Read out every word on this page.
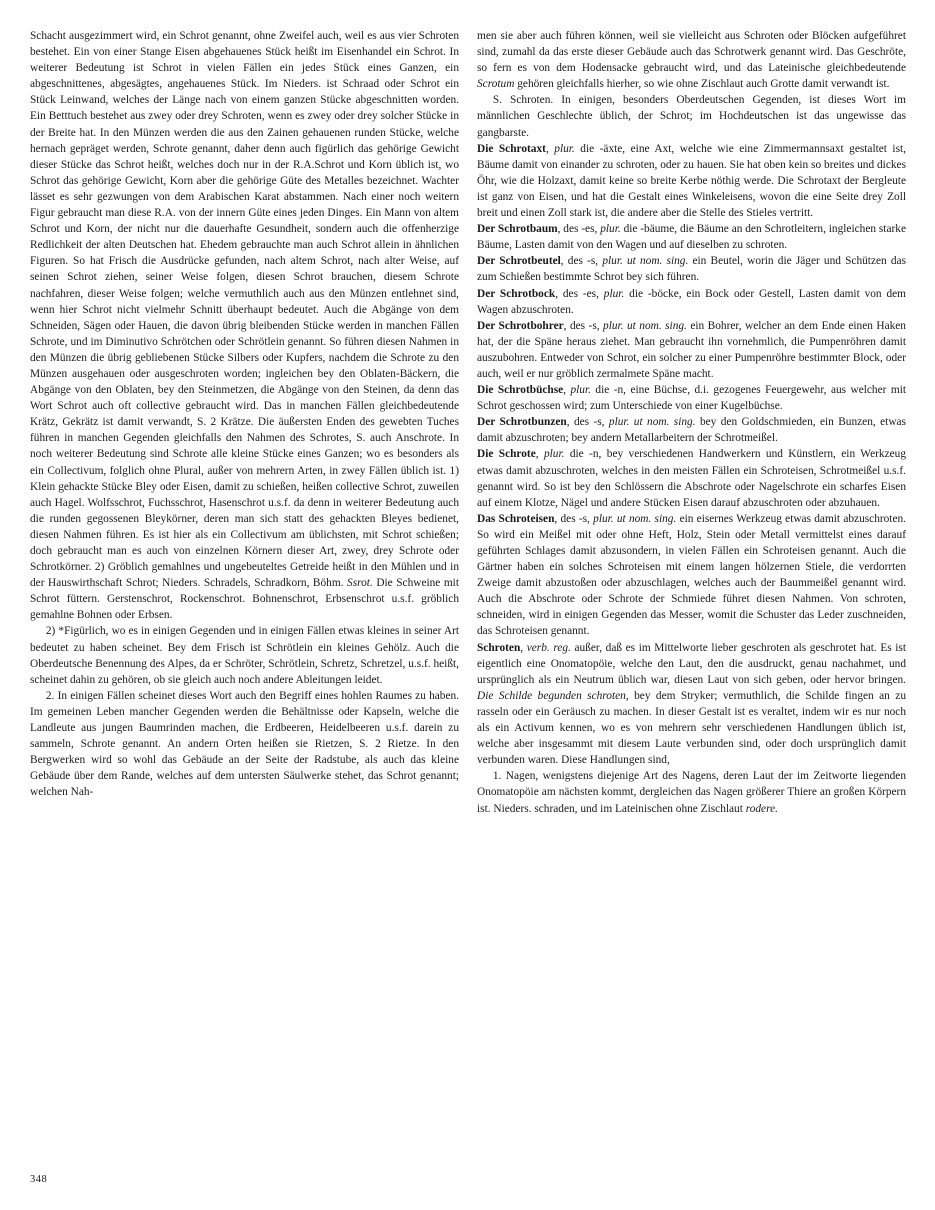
Schacht ausgezimmert wird, ein Schrot genannt, ohne Zweifel auch, weil es aus vier Schroten bestehet. Ein von einer Stange Eisen abgehauenes Stück heißt im Eisenhandel ein Schrot. In weiterer Bedeutung ist Schrot in vielen Fällen ein jedes Stück eines Ganzen, ein abgeschnittenes, abgesägtes, angehauenes Stück. Im Nieders. ist Schraad oder Schrot ein Stück Leinwand, welches der Länge nach von einem ganzen Stücke abgeschnitten worden. Ein Betttuch bestehet aus zwey oder drey Schroten, wenn es zwey oder drey solcher Stücke in der Breite hat. In den Münzen werden die aus den Zainen gehauenen runden Stücke, welche hernach gepräget werden, Schrote genannt, daher denn auch figürlich das gehörige Gewicht dieser Stücke das Schrot heißt, welches doch nur in der R.A.Schrot und Korn üblich ist, wo Schrot das gehörige Gewicht, Korn aber die gehörige Güte des Metalles bezeichnet. Wachter lässet es sehr gezwungen von dem Arabischen Karat abstammen. Nach einer noch weitern Figur gebraucht man diese R.A. von der innern Güte eines jeden Dinges. Ein Mann von altem Schrot und Korn, der nicht nur die dauerhafte Gesundheit, sondern auch die offenherzige Redlichkeit der alten Deutschen hat. Ehedem gebrauchte man auch Schrot allein in ähnlichen Figuren. So hat Frisch die Ausdrücke gefunden, nach altem Schrot, nach alter Weise, auf seinen Schrot ziehen, seiner Weise folgen, diesen Schrot brauchen, diesem Schrote nachfahren, dieser Weise folgen; welche vermuthlich auch aus den Münzen entlehnet sind, wenn hier Schrot nicht vielmehr Schnitt überhaupt bedeutet. Auch die Abgänge von dem Schneiden, Sägen oder Hauen, die davon übrig bleibenden Stücke werden in manchen Fällen Schrote, und im Diminutivo Schrötchen oder Schrötlein genannt. So führen diesen Nahmen in den Münzen die übrig gebliebenen Stücke Silbers oder Kupfers, nachdem die Schrote zu den Münzen ausgehauen oder ausgeschroten worden; ingleichen bey den Oblaten-Bäckern, die Abgänge von den Oblaten, bey den Steinmetzen, die Abgänge von den Steinen, da denn das Wort Schrot auch oft collective gebraucht wird. Das in manchen Fällen gleichbedeutende Krätz, Gekrätz ist damit verwandt, S. 2 Krätze. Die äußersten Enden des gewebten Tuches führen in manchen Gegenden gleichfalls den Nahmen des Schrotes, S. auch Anschrote. In noch weiterer Bedeutung sind Schrote alle kleine Stücke eines Ganzen; wo es besonders als ein Collectivum, folglich ohne Plural, außer von mehrern Arten, in zwey Fällen üblich ist. 1) Klein gehackte Stücke Bley oder Eisen, damit zu schießen, heißen collective Schrot, zuweilen auch Hagel. Wolfsschrot, Fuchsschrot, Hasenschrot u.s.f. da denn in weiterer Bedeutung auch die runden gegossenen Bleykörner, deren man sich statt des gehackten Bleyes bedienet, diesen Nahmen führen. Es ist hier als ein Collectivum am üblichsten, mit Schrot schießen; doch gebraucht man es auch von einzelnen Körnern dieser Art, zwey, drey Schrote oder Schrotkörner. 2) Gröblich gemahlnes und ungebeuteltes Getreide heißt in den Mühlen und in der Hauswirthschaft Schrot; Nieders. Schradels, Schradkorn, Böhm. Ssrot. Die Schweine mit Schrot füttern. Gerstenschrot, Rockenschrot. Bohnenschrot, Erbsenschrot u.s.f. gröblich gemahlne Bohnen oder Erbsen.

2) *Figürlich, wo es in einigen Gegenden und in einigen Fällen etwas kleines in seiner Art bedeutet zu haben scheinet. Bey dem Frisch ist Schrötlein ein kleines Gehölz. Auch die Oberdeutsche Benennung des Alpes, da er Schröter, Schrötlein, Schretz, Schretzel, u.s.f. heißt, scheinet dahin zu gehören, ob sie gleich auch noch andere Ableitungen leidet.

2. In einigen Fällen scheinet dieses Wort auch den Begriff eines hohlen Raumes zu haben. Im gemeinen Leben mancher Gegenden werden die Behältnisse oder Kapseln, welche die Landleute aus jungen Baumrinden machen, die Erdbeeren, Heidelbeeren u.s.f. darein zu sammeln, Schrote genannt. An andern Orten heißen sie Rietzen, S. 2 Rietze. In den Bergwerken wird so wohl das Gebäude an der Seite der Radstube, als auch das kleine Gebäude über dem Rande, welches auf dem untersten Säulwerke stehet, das Schrot genannt; welchen Nah-

men sie aber auch führen können, weil sie vielleicht aus Schroten oder Blöcken aufgeführet sind, zumahl da das erste dieser Gebäude auch das Schrotwerk genannt wird. Das Geschröte, so fern es von dem Hodensacke gebraucht wird, und das Lateinische gleichbedeutende Scrotum gehören gleichfalls hierher, so wie ohne Zischlaut auch Grotte damit verwandt ist.

S. Schroten. In einigen, besonders Oberdeutschen Gegenden, ist dieses Wort im männlichen Geschlechte üblich, der Schrot; im Hochdeutschen ist das ungewisse das gangbarste.

Die Schrotaxt, plur. die -äxte, eine Axt, welche wie eine Zimmermannsaxt gestaltet ist, Bäume damit von einander zu schroten, oder zu hauen. Sie hat oben kein so breites und dickes Öhr, wie die Holzaxt, damit keine so breite Kerbe nöthig werde. Die Schrotaxt der Bergleute ist ganz von Eisen, und hat die Gestalt eines Winkeleisens, wovon die eine Seite drey Zoll breit und einen Zoll stark ist, die andere aber die Stelle des Stieles vertritt.

Der Schrotbaum, des -es, plur. die -bäume, die Bäume an den Schrotleitern, ingleichen starke Bäume, Lasten damit von den Wagen und auf dieselben zu schroten.

Der Schrotbeutel, des -s, plur. ut nom. sing. ein Beutel, worin die Jäger und Schützen das zum Schießen bestimmte Schrot bey sich führen.

Der Schrotbock, des -es, plur. die -böcke, ein Bock oder Gestell, Lasten damit von dem Wagen abzuschroten.

Der Schrotbohrer, des -s, plur. ut nom. sing. ein Bohrer, welcher an dem Ende einen Haken hat, der die Späne heraus ziehet. Man gebraucht ihn vornehmlich, die Pumpenröhren damit auszubohren. Entweder von Schrot, ein solcher zu einer Pumpenröhre bestimmter Block, oder auch, weil er nur gröblich zermalmete Späne macht.

Die Schrotbüchse, plur. die -n, eine Büchse, d.i. gezogenes Feuergewehr, aus welcher mit Schrot geschossen wird; zum Unterschiede von einer Kugelbüchse.

Der Schrotbunzen, des -s, plur. ut nom. sing. bey den Goldschmieden, ein Bunzen, etwas damit abzuschroten; bey andern Metallarbeitern der Schrotmeißel.

Die Schrote, plur. die -n, bey verschiedenen Handwerkern und Künstlern, ein Werkzeug etwas damit abzuschroten, welches in den meisten Fällen ein Schroteisen, Schrotmeißel u.s.f. genannt wird. So ist bey den Schlössern die Abschrote oder Nagelschrote ein scharfes Eisen auf einem Klotze, Nägel und andere Stücken Eisen darauf abzuschroten oder abzuhauen.

Das Schroteisen, des -s, plur. ut nom. sing. ein eisernes Werkzeug etwas damit abzuschroten. So wird ein Meißel mit oder ohne Heft, Holz, Stein oder Metall vermittelst eines darauf geführten Schlages damit abzusondern, in vielen Fällen ein Schroteisen genannt. Auch die Gärtner haben ein solches Schroteisen mit einem langen hölzernen Stiele, die verdorrten Zweige damit abzustoßen oder abzuschlagen, welches auch der Baummeißel genannt wird. Auch die Abschrote oder Schrote der Schmiede führet diesen Nahmen. Von schroten, schneiden, wird in einigen Gegenden das Messer, womit die Schuster das Leder zuschneiden, das Schroteisen genannt.

Schroten, verb. reg. außer, daß es im Mittelworte lieber geschroten als geschrotet hat. Es ist eigentlich eine Onomatopöie, welche den Laut, den die ausdruckt, genau nachahmet, und ursprünglich als ein Neutrum üblich war, diesen Laut von sich geben, oder hervor bringen. Die Schilde begunden schroten, bey dem Stryker; vermuthlich, die Schilde fingen an zu rasseln oder ein Geräusch zu machen. In dieser Gestalt ist es veraltet, indem wir es nur noch als ein Activum kennen, wo es von mehrern sehr verschiedenen Handlungen üblich ist, welche aber insgesammt mit diesem Laute verbunden sind, oder doch ursprünglich damit verbunden waren. Diese Handlungen sind,

1. Nagen, wenigstens diejenige Art des Nagens, deren Laut der im Zeitworte liegenden Onomatopöie am nächsten kommt, dergleichen das Nagen größerer Thiere an großen Körpern ist. Nieders. schraden, und im Lateinischen ohne Zischlaut rodere.

348
